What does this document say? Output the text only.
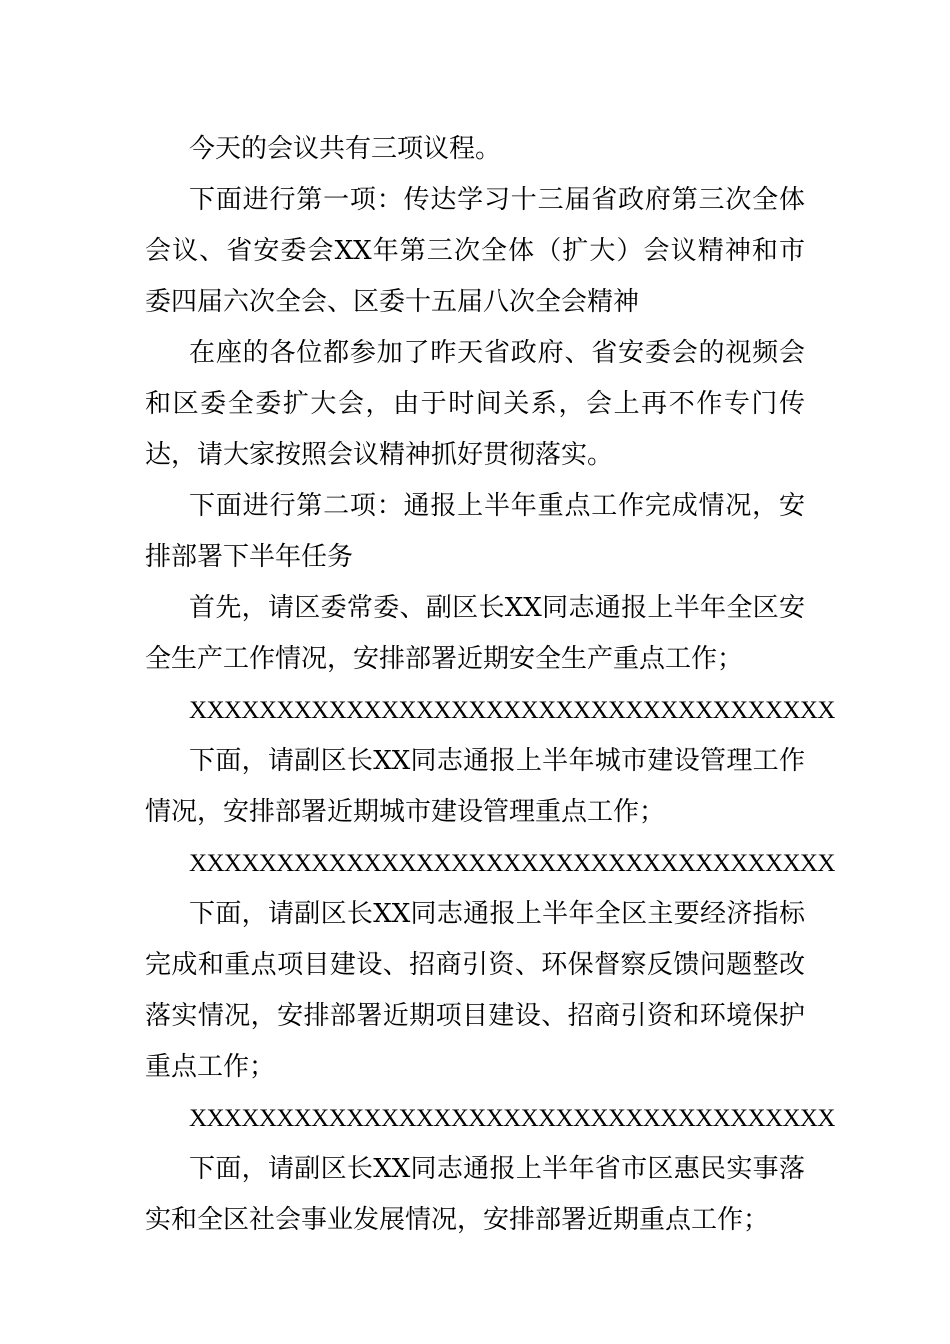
今天的会议共有三项议程。

下面进行第一项：传达学习十三届省政府第三次全体会议、省安委会XX年第三次全体（扩大）会议精神和市委四届六次全会、区委十五届八次全会精神

在座的各位都参加了昨天省政府、省安委会的视频会和区委全委扩大会，由于时间关系，会上再不作专门传达，请大家按照会议精神抓好贯彻落实。

下面进行第二项：通报上半年重点工作完成情况，安排部署下半年任务

首先，请区委常委、副区长XX同志通报上半年全区安全生产工作情况，安排部署近期安全生产重点工作；

XXXXXXXXXXXXXXXXXXXXXXXXXXXXXXXXXXXXX

下面，请副区长XX同志通报上半年城市建设管理工作情况，安排部署近期城市建设管理重点工作；

XXXXXXXXXXXXXXXXXXXXXXXXXXXXXXXXXXXXX

下面，请副区长XX同志通报上半年全区主要经济指标完成和重点项目建设、招商引资、环保督察反馈问题整改落实情况，安排部署近期项目建设、招商引资和环境保护重点工作；

XXXXXXXXXXXXXXXXXXXXXXXXXXXXXXXXXXXXX

下面，请副区长XX同志通报上半年省市区惠民实事落实和全区社会事业发展情况，安排部署近期重点工作；
